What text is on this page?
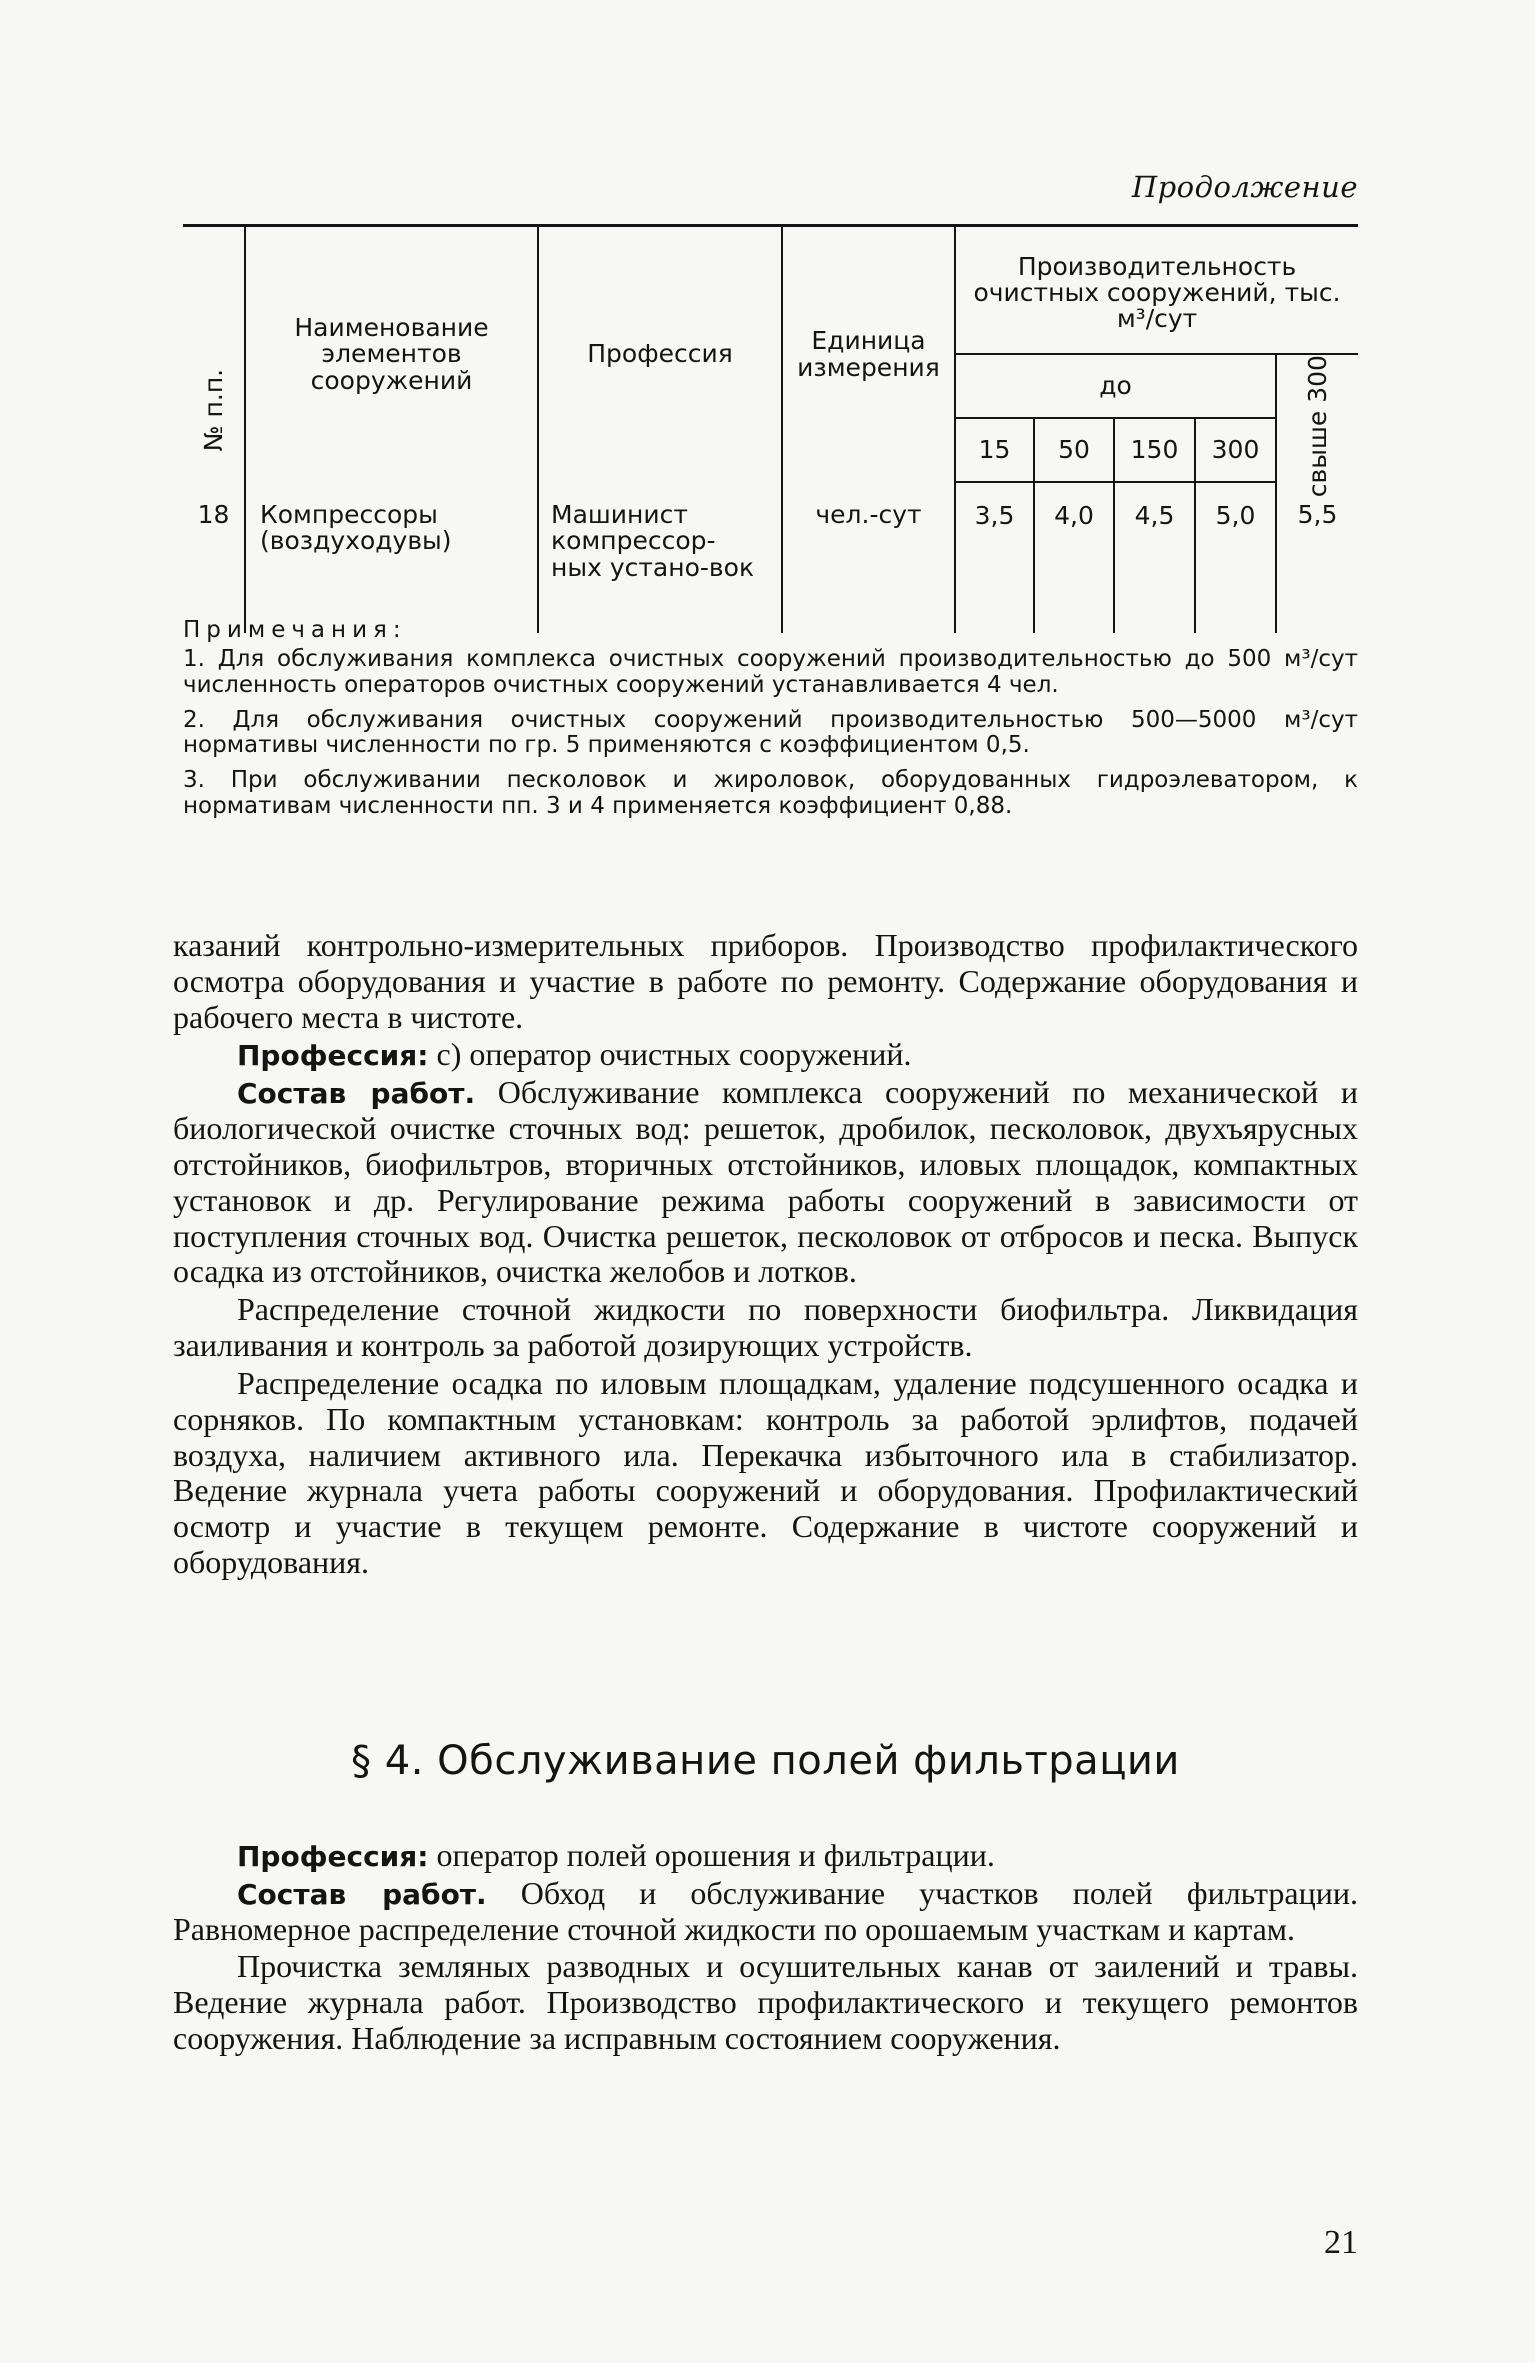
Продолжение
№ п.п.	Наименование элементов сооружений	Профессия	Единица измерения	Производительность очистных сооружений, тыс. м³/сут				
				до				свыше 300

				15	50	150	300	
18	Компрессоры (воздуходувы)	Машинист компрессор-ных устано-вок	чел.-сут	3,5	4,0	4,5	5,0	5,5
Примечания:

1. Для обслуживания комплекса очистных сооружений производительностью до 500 м³/сут численность операторов очистных сооружений устанавливается 4 чел.

2. Для обслуживания очистных сооружений производительностью 500—5000 м³/сут нормативы численности по гр. 5 применяются с коэффициентом 0,5.

3. При обслуживании песколовок и жироловок, оборудованных гидроэлеватором, к нормативам численности пп. 3 и 4 применяется коэффициент 0,88.

казаний контрольно-измерительных приборов. Производство профилактического осмотра оборудования и участие в работе по ремонту. Содержание оборудования и рабочего места в чистоте.

Профессия: с) оператор очистных сооружений.

Состав работ. Обслуживание комплекса сооружений по механической и биологической очистке сточных вод: решеток, дробилок, песколовок, двухъярусных отстойников, биофильтров, вторичных отстойников, иловых площадок, компактных установок и др. Регулирование режима работы сооружений в зависимости от поступления сточных вод. Очистка решеток, песколовок от отбросов и песка. Выпуск осадка из отстойников, очистка желобов и лотков.

Распределение сточной жидкости по поверхности биофильтра. Ликвидация заиливания и контроль за работой дозирующих устройств.

Распределение осадка по иловым площадкам, удаление подсушенного осадка и сорняков. По компактным установкам: контроль за работой эрлифтов, подачей воздуха, наличием активного ила. Перекачка избыточного ила в стабилизатор. Ведение журнала учета работы сооружений и оборудования. Профилактический осмотр и участие в текущем ремонте. Содержание в чистоте сооружений и оборудования.

§ 4. Обслуживание полей фильтрации

Профессия: оператор полей орошения и фильтрации.

Состав работ. Обход и обслуживание участков полей фильтрации. Равномерное распределение сточной жидкости по орошаемым участкам и картам.

Прочистка земляных разводных и осушительных канав от заилений и травы. Ведение журнала работ. Производство профилактического и текущего ремонтов сооружения. Наблюдение за исправным состоянием сооружения.

21
